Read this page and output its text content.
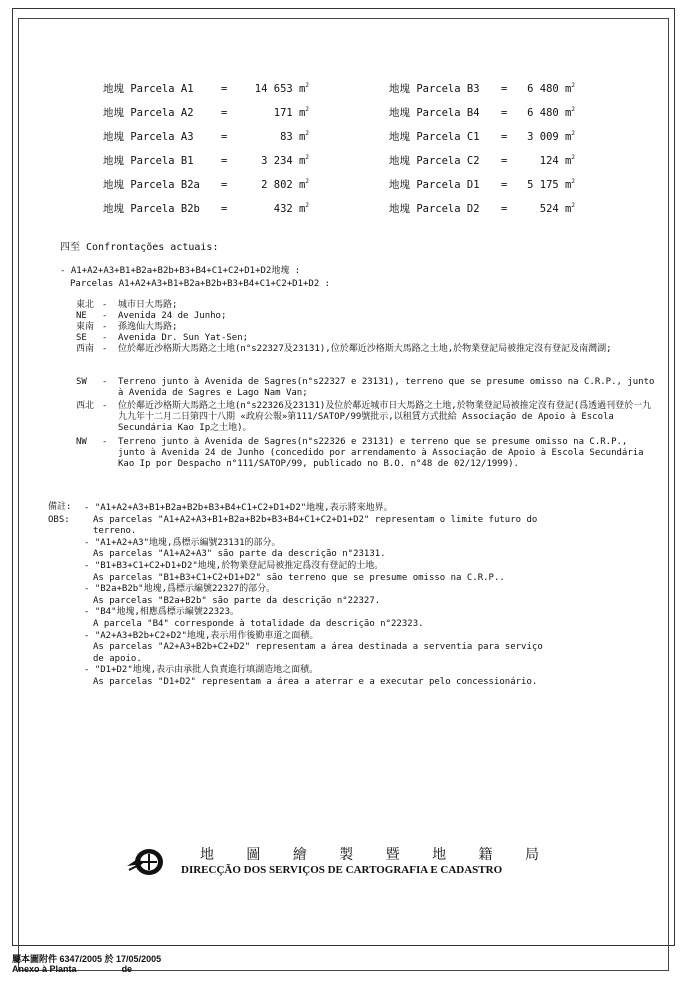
地塊 Parcela A1	=	14 653 $m^2$
地塊 Parcela A2	=	171 $m^2$
地塊 Parcela A3	=	83 $m^2$
地塊 Parcela B1	=	3 234 $m^2$
地塊 Parcela B2a =	2 802 $m^2$
地塊 Parcela B2b =	432 $m^2$
地塊 Parcela B3 =	6 480 $m^2$
地塊 Parcela B4 =	6 480 $m^2$
地塊 Parcela C1 =	3 009 $m^2$
地塊 Parcela C2 =	124 $m^2$
地塊 Parcela D1 =	5 175 $m^2$
地塊 Parcela D2 =	524 $m^2$
四至 Confrontações actuais:
- A1+A2+A3+B1+B2a+B2b+B3+B4+C1+C2+D1+D2地塊 :
Parcelas A1+A2+A3+B1+B2a+B2b+B3+B4+C1+C2+D1+D2 :
東北 - 城市日大馬路;
NE	- Avenida 24 de Junho;
東南 - 孫逸仙大馬路;
SE	- Avenida Dr. Sun Yat-Sen;
西南 - 位於鄰近沙格斯大馬路之土地(n°s22327及23131),位於鄰近沙格斯大馬路之土地,於物業登記局被推定沒有登記及南灣湖;
SW	- Terreno junto à Avenida de Sagres(n°s22327 e 23131), terreno que se presume omisso na C.R.P., junto à Avenida de Sagres e Lago Nam Van;
西北 - 位於鄰近沙格斯大馬路之土地(n°s22326及23131)及位於鄰近城市日大馬路之土地,於物業登記局被推定沒有登記(爲透過刊登於一九九九年十二月二日第四十八期 «政府公報»第111/SATOP/99號批示,以租賃方式批給 Associação de Apoio à Escola Secundária Kao Ip之土地)。
NW	- Terreno junto à Avenida de Sagres(n°s22326 e 23131) e terreno que se presume omisso na C.R.P., junto à Avenida 24 de Junho (concedido por arrendamento à Associação de Apoio à Escola Secundária Kao Ip por Despacho n°111/SATOP/99, publicado no B.O. n°48 de 02/12/1999).
備註:
OBS:
- "A1+A2+A3+B1+B2a+B2b+B3+B4+C1+C2+D1+D2"地塊,表示將來地界。
As parcelas "A1+A2+A3+B1+B2a+B2b+B3+B4+C1+C2+D1+D2" representam o limite futuro do
terreno.
- "A1+A2+A3"地塊,爲標示編號23131的部分。
As parcelas "A1+A2+A3" são parte da descrição n°23131.
- "B1+B3+C1+C2+D1+D2"地塊,於物業登記局被推定爲沒有登記的土地。
As parcelas "B1+B3+C1+C2+D1+D2" são terreno que se presume omisso na C.R.P..
- "B2a+B2b"地塊,爲標示編號22327的部分。
As parcelas "B2a+B2b" são parte da descrição n°22327.
- "B4"地塊,相應爲標示編號22323。
A parcela "B4" corresponde à totalidade da descrição n°22323.
- "A2+A3+B2b+C2+D2"地塊,表示用作後勤車道之面積。
As parcelas "A2+A3+B2b+C2+D2" representam a área destinada a serventia para serviço
de apoio.
- "D1+D2"地塊,表示由承批人負責進行填湖造地之面積。
As parcelas "D1+D2" representam a área a aterrar e a executar pelo concessionário.
地 圖 繪 製 暨 地 籍 局
DIRECÇÃO DOS SERVIÇOS DE CARTOGRAFIA E CADASTRO
屬本圖附件 6347/2005 於 17/05/2005
Anexo à Planta	de
